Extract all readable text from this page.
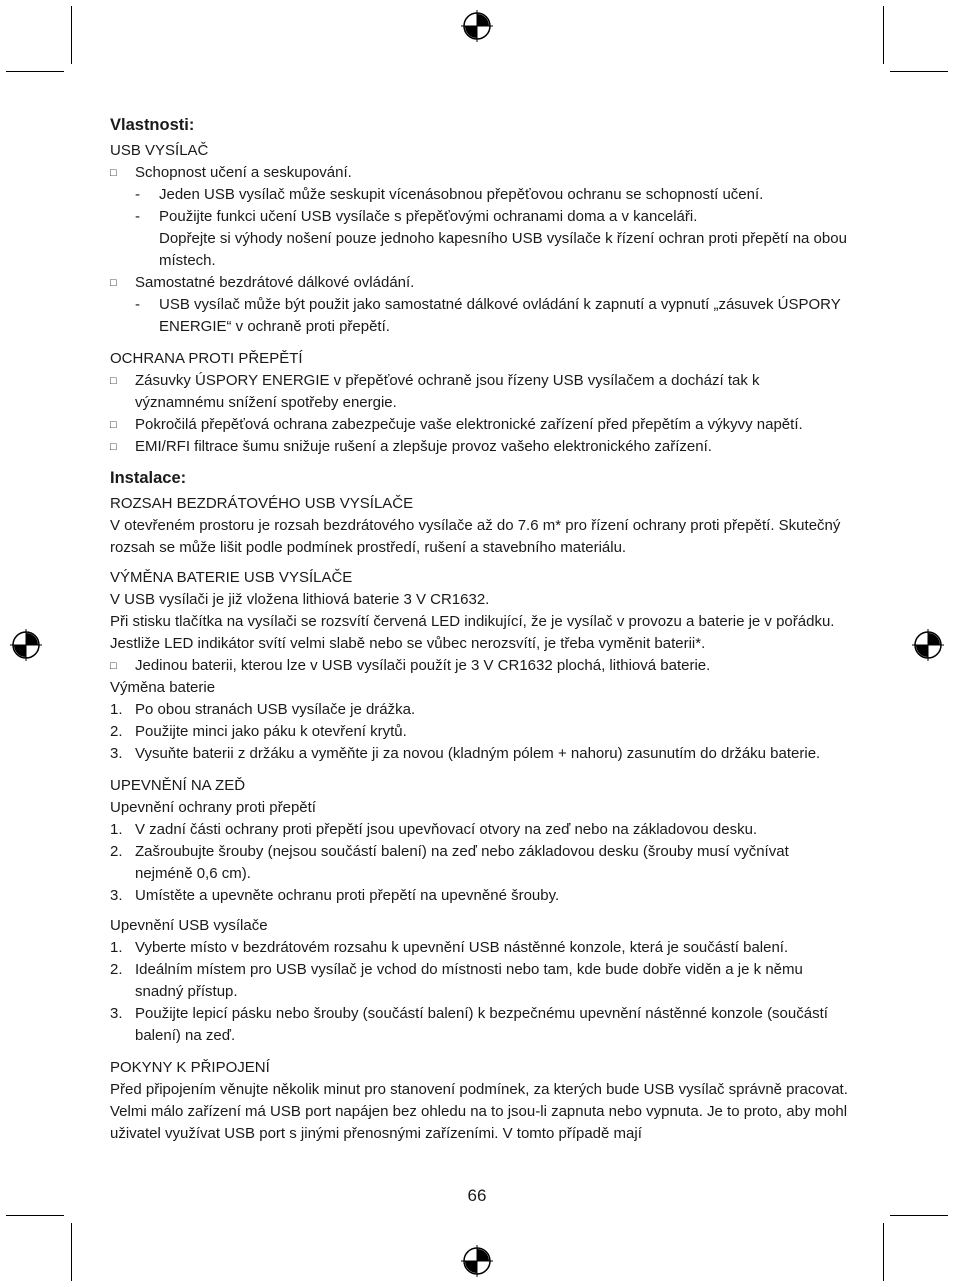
Vlastnosti:
USB VYSÍLAČ
□ Schopnost učení a seskupování.
- Jeden USB vysílač může seskupit vícenásobnou přepěťovou ochranu se schopností učení.
- Použijte funkci učení USB vysílače s přepěťovými ochranami doma a v kanceláři.
Dopřejte si výhody nošení pouze jednoho kapesního USB vysílače k řízení ochran proti přepětí na obou místech.
□ Samostatné bezdrátové dálkové ovládání.
- USB vysílač může být použit jako samostatné dálkové ovládání k zapnutí a vypnutí „zásuvek ÚSPORY ENERGIE“ v ochraně proti přepětí.
OCHRANA PROTI PŘEPĚTÍ
□ Zásuvky ÚSPORY ENERGIE v přepěťové ochraně jsou řízeny USB vysílačem a dochází tak k významnému snížení spotřeby energie.
□ Pokročilá přepěťová ochrana zabezpečuje vaše elektronické zařízení před přepětím a výkyvy napětí.
□ EMI/RFI filtrace šumu snižuje rušení a zlepšuje provoz vašeho elektronického zařízení.
Instalace:
ROZSAH BEZDRÁTOVÉHO USB VYSÍLAČE
V otevřeném prostoru je rozsah bezdrátového vysílače až do 7.6 m* pro řízení ochrany proti přepětí. Skutečný rozsah se může lišit podle podmínek prostředí, rušení a stavebního materiálu.
VÝMĚNA BATERIE USB VYSÍLAČE
V USB vysílači je již vložena lithiová baterie 3 V CR1632.
Při stisku tlačítka na vysílači se rozsvítí červená LED indikující, že je vysílač v provozu a baterie je v pořádku. Jestliže LED indikátor svítí velmi slabě nebo se vůbec nerozsvítí, je třeba vyměnit baterii*.
□ Jedinou baterii, kterou lze v USB vysílači použít je 3 V CR1632 plochá, lithiová baterie.
Výměna baterie
1. Po obou stranách USB vysílače je drážka.
2. Použijte minci jako páku k otevření krytů.
3. Vysuňte baterii z držáku a vyměňte ji za novou (kladným pólem + nahoru) zasunutím do držáku baterie.
UPEVNĚNÍ NA ZEĎ
Upevnění ochrany proti přepětí
1. V zadní části ochrany proti přepětí jsou upevňovací otvory na zeď nebo na základovou desku.
2. Zašroubujte šrouby (nejsou součástí balení) na zeď nebo základovou desku (šrouby musí vyčnívat nejméně 0,6 cm).
3. Umístěte a upevněte ochranu proti přepětí na upevněné šrouby.
Upevnění USB vysílače
1. Vyberte místo v bezdrátovém rozsahu k upevnění USB nástěnné konzole, která je součástí balení.
2. Ideálním místem pro USB vysílač je vchod do místnosti nebo tam, kde bude dobře viděn a je k němu snadný přístup.
3. Použijte lepicí pásku nebo šrouby (součástí balení) k bezpečnému upevnění nástěnné konzole (součástí balení) na zeď.
POKYNY K PŘIPOJENÍ
Před připojením věnujte několik minut pro stanovení podmínek, za kterých bude USB vysílač správně pracovat. Velmi málo zařízení má USB port napájen bez ohledu na to jsou-li zapnuta nebo vypnuta. Je to proto, aby mohl uživatel využívat USB port s jinými přenosnými zařízeními. V tomto případě mají
66
